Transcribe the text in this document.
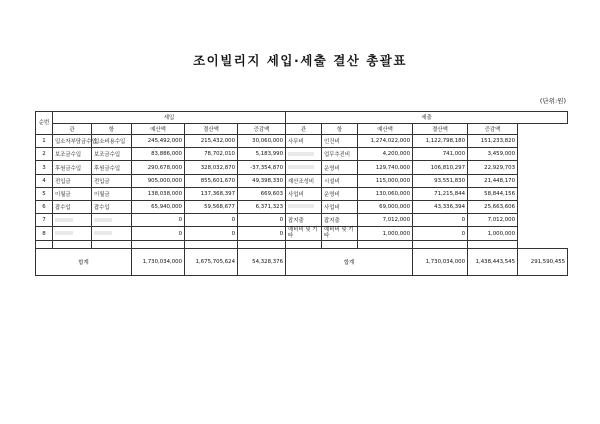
조이빌리지 세입·세출 결산 총괄표
(단위:원)
순번	세입					세출					
	관	항	예산액	결산액	증감액	관	항	예산액	결산액	증감액	
1	입소자부담금수입	입소비용수입	245,492,000	215,432,000	30,060,000	사무비	인건비	1,274,022,000	1,122,798,180	151,233,820	
2	보조금수입	보조금수입	83,886,000	78,702,010	5,183,990		업무추진비	4,200,000	741,000	3,459,000	
3	후원금수입	후원금수입	290,678,000	328,032,870	-37,354,870		운영비	129,740,000	106,810,297	22,929,703	
4	전입금	전입금	905,000,000	855,601,670	49,398,330	재산조성비	시설비	115,000,000	93,551,830	21,448,170	
5	이월금	이월금	138,038,000	137,368,397	669,603	사업비	운영비	130,060,000	71,215,844	58,844,156	
6	잡수입	잡수입	65,940,000	59,568,677	6,371,323		사업비	69,000,000	43,336,394	25,663,606	
7			0	0	0	잡지출	잡지출	7,012,000	0	7,012,000	
8			0	0	0	예비비 및 기타	예비비 및 기타	1,000,000	0	1,000,000	

합계			1,730,034,000	1,675,705,624	54,328,376	합계			1,730,034,000	1,438,443,545	291,590,455
